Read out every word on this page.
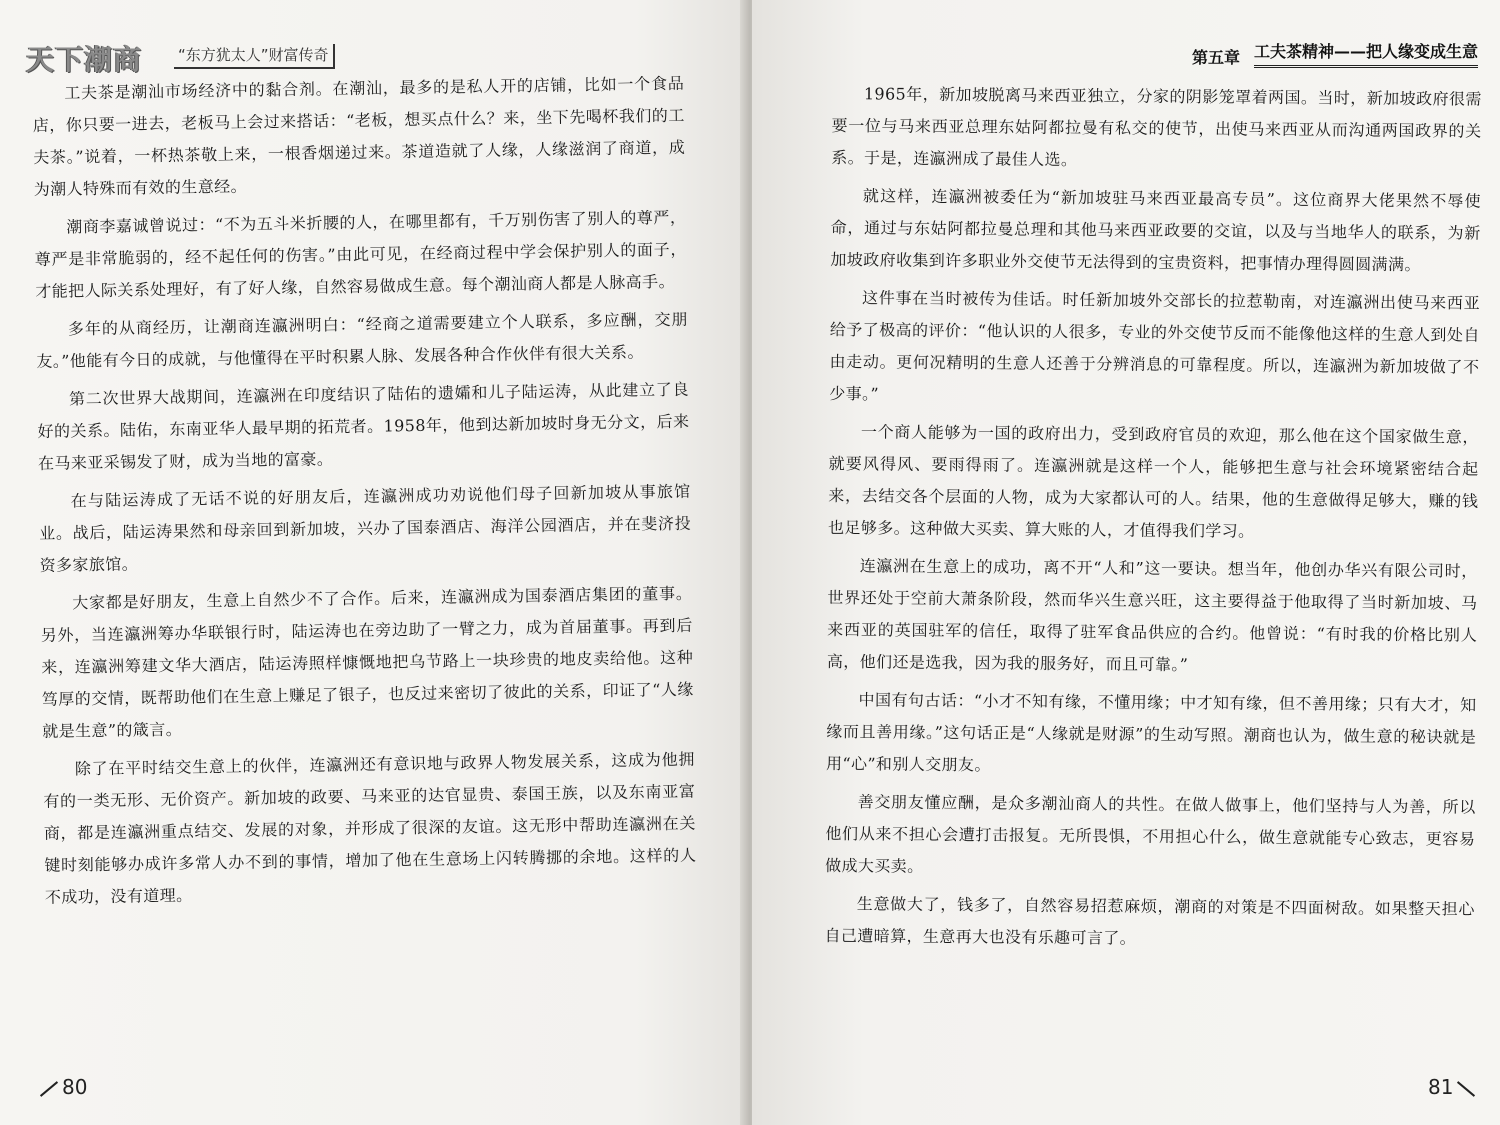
天下潮商 “东方犹太人”财富传奇

工夫茶是潮汕市场经济中的黏合剂。在潮汕，最多的是私人开的店铺，比如一个食品店，你只要一进去，老板马上会过来搭话：“老板，想买点什么？来，坐下先喝杯我们的工夫茶。”说着，一杯热茶敬上来，一根香烟递过来。茶道造就了人缘，人缘滋润了商道，成为潮人特殊而有效的生意经。

潮商李嘉诚曾说过：“不为五斗米折腰的人，在哪里都有，千万别伤害了别人的尊严，尊严是非常脆弱的，经不起任何的伤害。”由此可见，在经商过程中学会保护别人的面子，才能把人际关系处理好，有了好人缘，自然容易做成生意。每个潮汕商人都是人脉高手。

多年的从商经历，让潮商连瀛洲明白：“经商之道需要建立个人联系，多应酬，交朋友。”他能有今日的成就，与他懂得在平时积累人脉、发展各种合作伙伴有很大关系。

第二次世界大战期间，连瀛洲在印度结识了陆佑的遗孀和儿子陆运涛，从此建立了良好的关系。陆佑，东南亚华人最早期的拓荒者。1958年，他到达新加坡时身无分文，后来在马来亚采锡发了财，成为当地的富豪。

在与陆运涛成了无话不说的好朋友后，连瀛洲成功劝说他们母子回新加坡从事旅馆业。战后，陆运涛果然和母亲回到新加坡，兴办了国泰酒店、海洋公园酒店，并在斐济投资多家旅馆。

大家都是好朋友，生意上自然少不了合作。后来，连瀛洲成为国泰酒店集团的董事。另外，当连瀛洲筹办华联银行时，陆运涛也在旁边助了一臂之力，成为首届董事。再到后来，连瀛洲筹建文华大酒店，陆运涛照样慷慨地把乌节路上一块珍贵的地皮卖给他。这种笃厚的交情，既帮助他们在生意上赚足了银子，也反过来密切了彼此的关系，印证了“人缘就是生意”的箴言。

除了在平时结交生意上的伙伴，连瀛洲还有意识地与政界人物发展关系，这成为他拥有的一类无形、无价资产。新加坡的政要、马来亚的达官显贵、泰国王族，以及东南亚富商，都是连瀛洲重点结交、发展的对象，并形成了很深的友谊。这无形中帮助连瀛洲在关键时刻能够办成许多常人办不到的事情，增加了他在生意场上闪转腾挪的余地。这样的人不成功，没有道理。

80
第五章 工夫茶精神——把人缘变成生意

1965年，新加坡脱离马来西亚独立，分家的阴影笼罩着两国。当时，新加坡政府很需要一位与马来西亚总理东姑阿都拉曼有私交的使节，出使马来西亚从而沟通两国政界的关系。于是，连瀛洲成了最佳人选。

就这样，连瀛洲被委任为“新加坡驻马来西亚最高专员”。这位商界大佬果然不辱使命，通过与东姑阿都拉曼总理和其他马来西亚政要的交谊，以及与当地华人的联系，为新加坡政府收集到许多职业外交使节无法得到的宝贵资料，把事情办理得圆圆满满。

这件事在当时被传为佳话。时任新加坡外交部长的拉惹勒南，对连瀛洲出使马来西亚给予了极高的评价：“他认识的人很多，专业的外交使节反而不能像他这样的生意人到处自由走动。更何况精明的生意人还善于分辨消息的可靠程度。所以，连瀛洲为新加坡做了不少事。”

一个商人能够为一国的政府出力，受到政府官员的欢迎，那么他在这个国家做生意，就要风得风、要雨得雨了。连瀛洲就是这样一个人，能够把生意与社会环境紧密结合起来，去结交各个层面的人物，成为大家都认可的人。结果，他的生意做得足够大，赚的钱也足够多。这种做大买卖、算大账的人，才值得我们学习。

连瀛洲在生意上的成功，离不开“人和”这一要诀。想当年，他创办华兴有限公司时，世界还处于空前大萧条阶段，然而华兴生意兴旺，这主要得益于他取得了当时新加坡、马来西亚的英国驻军的信任，取得了驻军食品供应的合约。他曾说：“有时我的价格比别人高，他们还是选我，因为我的服务好，而且可靠。”

中国有句古话：“小才不知有缘，不懂用缘；中才知有缘，但不善用缘；只有大才，知缘而且善用缘。”这句话正是“人缘就是财源”的生动写照。潮商也认为，做生意的秘诀就是用“心”和别人交朋友。

善交朋友懂应酬，是众多潮汕商人的共性。在做人做事上，他们坚持与人为善，所以他们从来不担心会遭打击报复。无所畏惧，不用担心什么，做生意就能专心致志，更容易做成大买卖。

生意做大了，钱多了，自然容易招惹麻烦，潮商的对策是不四面树敌。如果整天担心自己遭暗算，生意再大也没有乐趣可言了。

81
